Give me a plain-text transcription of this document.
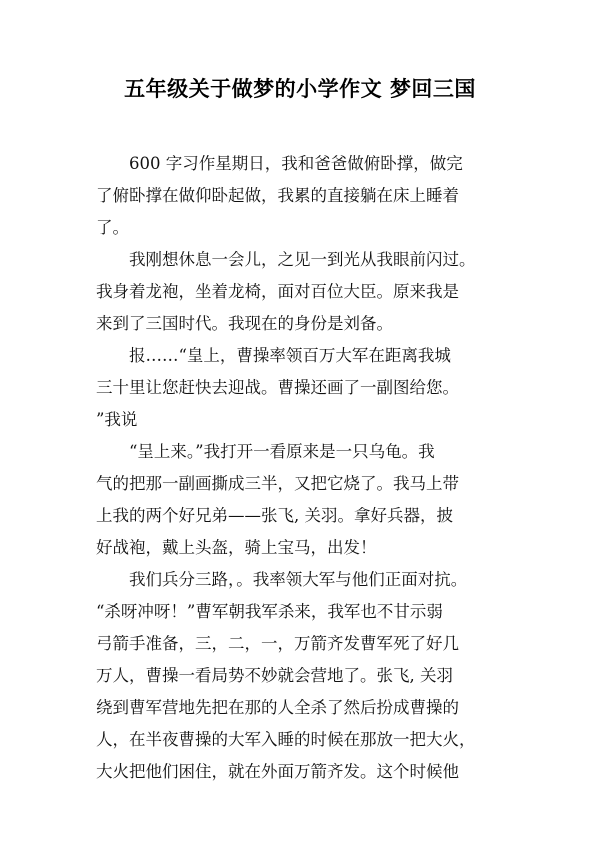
五年级关于做梦的小学作文 梦回三国
　　600 字习作星期日，我和爸爸做俯卧撑，做完
了俯卧撑在做仰卧起做，我累的直接躺在床上睡着
了。
　　我刚想休息一会儿，之见一到光从我眼前闪过。
我身着龙袍，坐着龙椅，面对百位大臣。原来我是
来到了三国时代。我现在的身份是刘备。
　　报……“皇上，曹操率领百万大军在距离我城
三十里让您赶快去迎战。曹操还画了一副图给您。
”我说
　　“呈上来。”我打开一看原来是一只乌龟。我
气的把那一副画撕成三半，又把它烧了。我马上带
上我的两个好兄弟——张飞, 关羽。拿好兵器，披
好战袍，戴上头盔，骑上宝马，出发！
　　我们兵分三路，。我率领大军与他们正面对抗。
“杀呀冲呀！”曹军朝我军杀来，我军也不甘示弱
弓箭手准备，三，二，一，万箭齐发曹军死了好几
万人，曹操一看局势不妙就会营地了。张飞, 关羽
绕到曹军营地先把在那的人全杀了然后扮成曹操的
人，在半夜曹操的大军入睡的时候在那放一把大火，
大火把他们困住，就在外面万箭齐发。这个时候他
